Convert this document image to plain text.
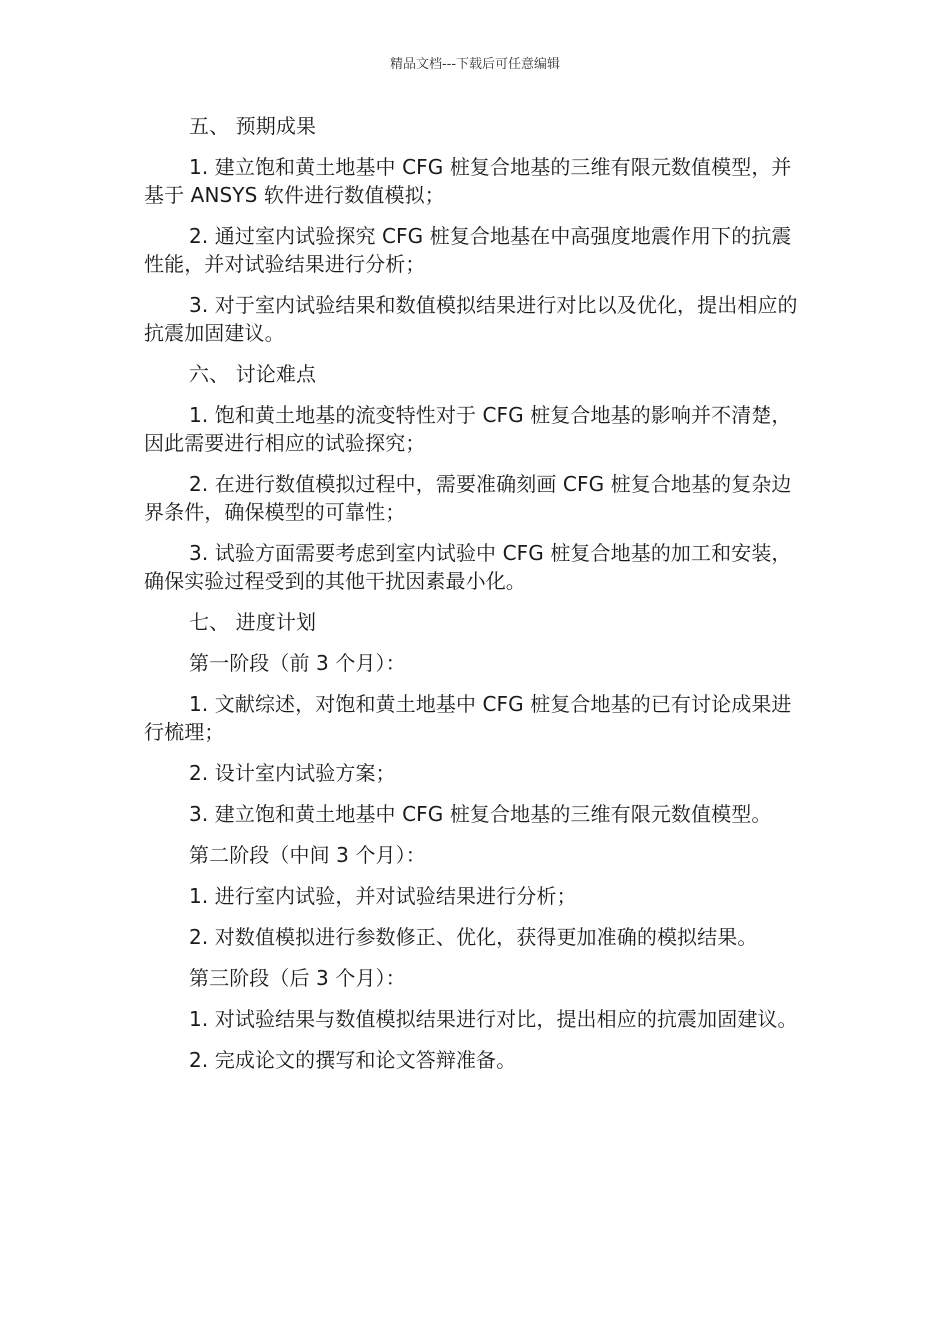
精品文档---下载后可任意编辑

五、 预期成果

1. 建立饱和黄土地基中 CFG 桩复合地基的三维有限元数值模型，并基于 ANSYS 软件进行数值模拟；

2. 通过室内试验探究 CFG 桩复合地基在中高强度地震作用下的抗震性能，并对试验结果进行分析；

3. 对于室内试验结果和数值模拟结果进行对比以及优化，提出相应的抗震加固建议。

六、 讨论难点

1. 饱和黄土地基的流变特性对于 CFG 桩复合地基的影响并不清楚，因此需要进行相应的试验探究；

2. 在进行数值模拟过程中，需要准确刻画 CFG 桩复合地基的复杂边界条件，确保模型的可靠性；

3. 试验方面需要考虑到室内试验中 CFG 桩复合地基的加工和安装，确保实验过程受到的其他干扰因素最小化。

七、 进度计划

第一阶段（前 3 个月）：

1. 文献综述，对饱和黄土地基中 CFG 桩复合地基的已有讨论成果进行梳理；

2. 设计室内试验方案；

3. 建立饱和黄土地基中 CFG 桩复合地基的三维有限元数值模型。

第二阶段（中间 3 个月）：

1. 进行室内试验，并对试验结果进行分析；

2. 对数值模拟进行参数修正、优化，获得更加准确的模拟结果。

第三阶段（后 3 个月）：

1. 对试验结果与数值模拟结果进行对比，提出相应的抗震加固建议。

2. 完成论文的撰写和论文答辩准备。
